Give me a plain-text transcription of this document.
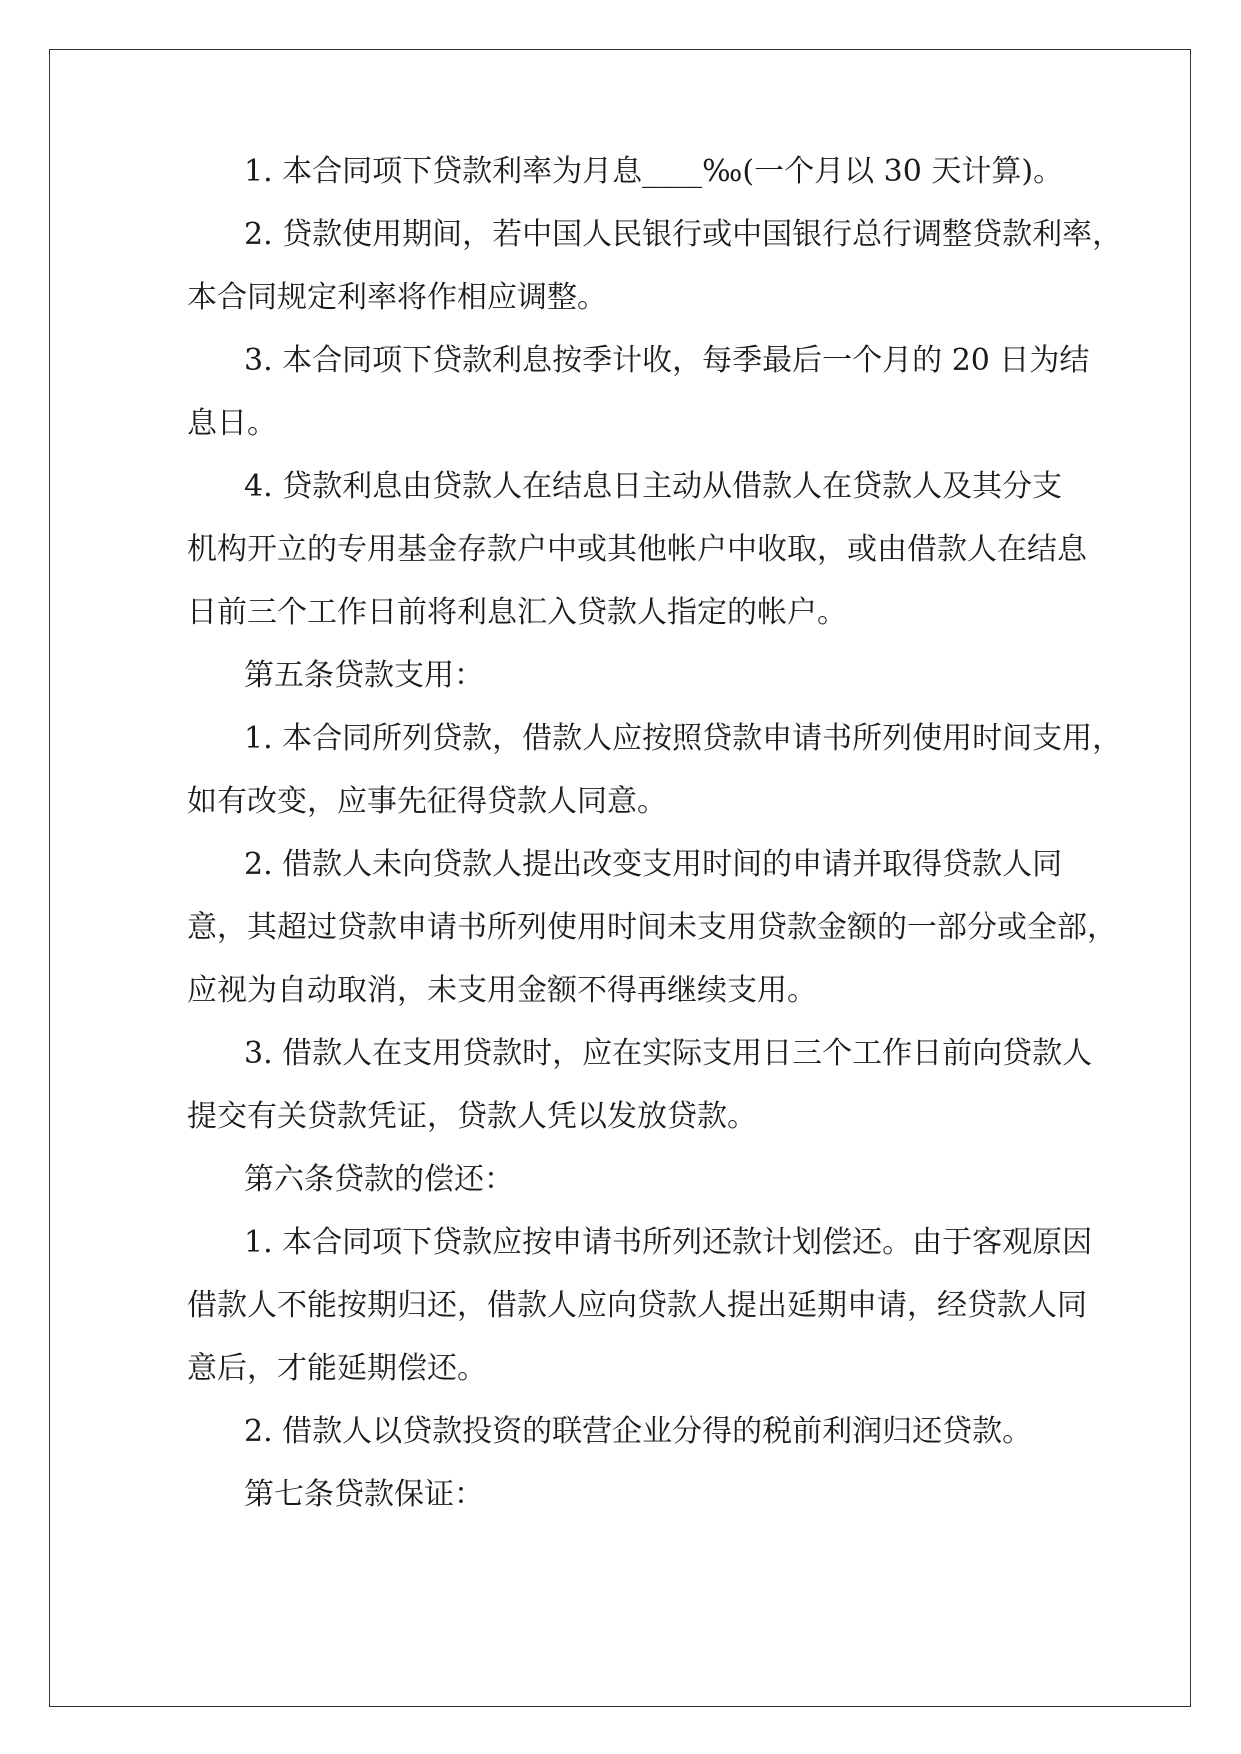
1. 本合同项下贷款利率为月息____‰(一个月以 30 天计算)。
2. 贷款使用期间，若中国人民银行或中国银行总行调整贷款利率，
本合同规定利率将作相应调整。
3. 本合同项下贷款利息按季计收，每季最后一个月的 20 日为结
息日。
4. 贷款利息由贷款人在结息日主动从借款人在贷款人及其分支
机构开立的专用基金存款户中或其他帐户中收取，或由借款人在结息
日前三个工作日前将利息汇入贷款人指定的帐户。
第五条贷款支用：
1. 本合同所列贷款，借款人应按照贷款申请书所列使用时间支用，
如有改变，应事先征得贷款人同意。
2. 借款人未向贷款人提出改变支用时间的申请并取得贷款人同
意，其超过贷款申请书所列使用时间未支用贷款金额的一部分或全部，
应视为自动取消，未支用金额不得再继续支用。
3. 借款人在支用贷款时，应在实际支用日三个工作日前向贷款人
提交有关贷款凭证，贷款人凭以发放贷款。
第六条贷款的偿还：
1. 本合同项下贷款应按申请书所列还款计划偿还。由于客观原因
借款人不能按期归还，借款人应向贷款人提出延期申请，经贷款人同
意后，才能延期偿还。
2. 借款人以贷款投资的联营企业分得的税前利润归还贷款。
第七条贷款保证：
